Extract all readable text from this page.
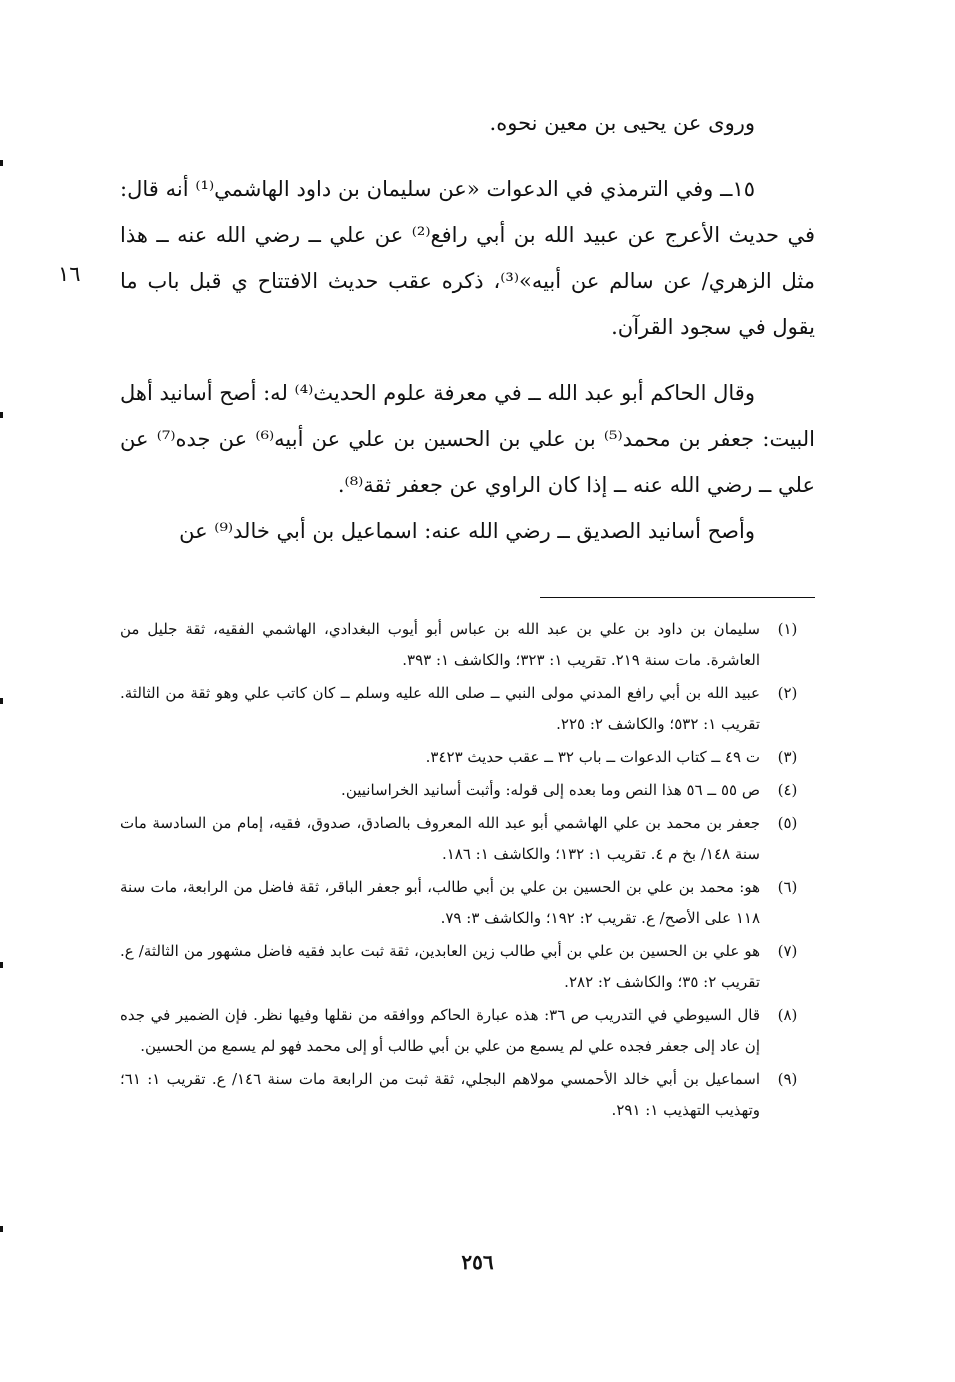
وروى عن يحيى بن معين نحوه.

١٥ــ وفي الترمذي في الدعوات «عن سليمان بن داود الهاشمي⁽¹⁾ أنه قال: في حديث الأعرج عن عبيد الله بن أبي رافع⁽²⁾ عن علي ــ رضي الله عنه ــ هذا مثل الزهري/ عن سالم عن أبيه»⁽³⁾، ذكره عقب حديث الافتتاح ي قبل باب ما يقول في سجود القرآن.

وقال الحاكم أبو عبد الله ــ في معرفة علوم الحديث⁽⁴⁾ له: أصح أسانيد أهل البيت: جعفر بن محمد⁽⁵⁾ بن علي بن الحسين بن علي عن أبيه⁽⁶⁾ عن جده⁽⁷⁾ عن علي ــ رضي الله عنه ــ إذا كان الراوي عن جعفر ثقة⁽⁸⁾.

وأصح أسانيد الصديق ــ رضي الله عنه: اسماعيل بن أبي خالد⁽⁹⁾ عن

١٦
(١)
سليمان بن داود بن علي بن عبد الله بن عباس أبو أيوب البغدادي، الهاشمي الفقيه، ثقة جليل من العاشرة. مات سنة ٢١٩. تقريب ١: ٣٢٣؛ والكاشف ١: ٣٩٣.
(٢)
عبيد الله بن أبي رافع المدني مولى النبي ــ صلى الله عليه وسلم ــ كان كاتب علي وهو ثقة من الثالثة. تقريب ١: ٥٣٢؛ والكاشف ٢: ٢٢٥.
(٣)
ت ٤٩ ــ كتاب الدعوات ــ باب ٣٢ ــ عقب حديث ٣٤٢٣.
(٤)
ص ٥٥ ــ ٥٦ هذا النص وما بعده إلى قوله: وأثبت أسانيد الخراسانيين.
(٥)
جعفر بن محمد بن علي الهاشمي أبو عبد الله المعروف بالصادق، صدوق، فقيه، إمام من السادسة مات سنة ١٤٨/ بخ م ٤. تقريب ١: ١٣٢؛ والكاشف ١: ١٨٦.
(٦)
هو: محمد بن علي بن الحسين بن علي بن أبي طالب، أبو جعفر الباقر، ثقة فاضل من الرابعة، مات سنة ١١٨ على الأصح/ ع. تقريب ٢: ١٩٢؛ والكاشف ٣: ٧٩.
(٧)
هو علي بن الحسين بن علي بن أبي طالب زين العابدين، ثقة ثبت عابد فقيه فاضل مشهور من الثالثة/ ع. تقريب ٢: ٣٥؛ والكاشف ٢: ٢٨٢.
(٨)
قال السيوطي في التدريب ص ٣٦: هذه عبارة الحاكم ووافقه من نقلها وفيها نظر. فإن الضمير في جده إن عاد إلى جعفر فجده علي لم يسمع من علي بن أبي طالب أو إلى محمد فهو لم يسمع من الحسين.
(٩)
اسماعيل بن أبي خالد الأحمسي مولاهم البجلي، ثقة ثبت من الرابعة مات سنة ١٤٦/ ع. تقريب ١: ٦١؛ وتهذيب التهذيب ١: ٢٩١.
٢٥٦
